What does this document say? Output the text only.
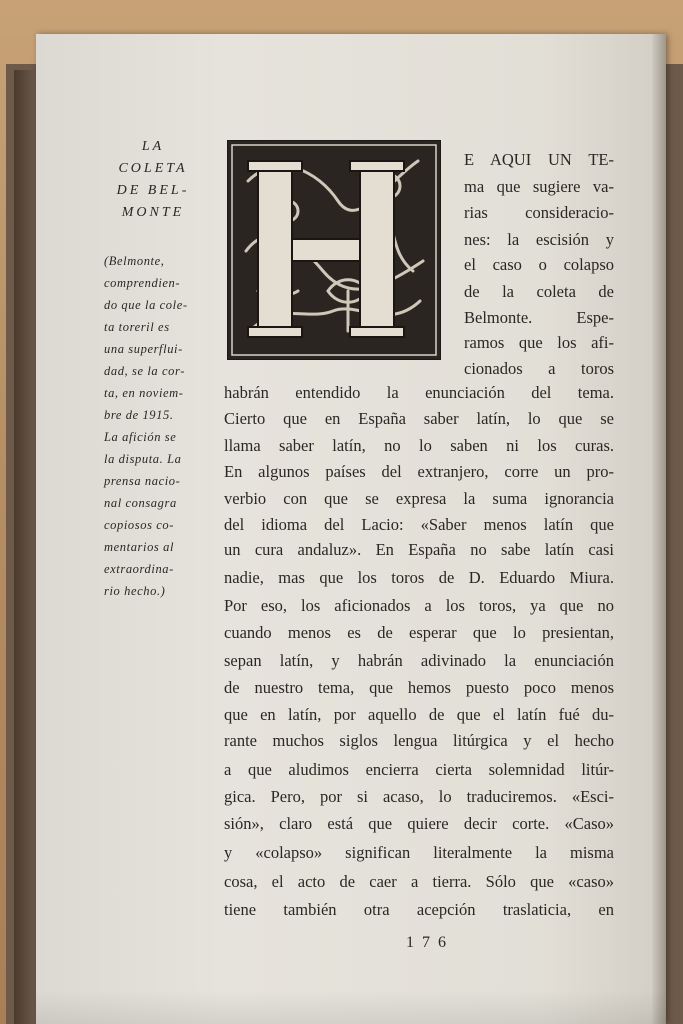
LA
COLETA
DE BEL-
MONTE
(Belmonte,
comprendien-
do que la cole-
ta toreril es
una superflui-
dad, se la cor-
ta, en noviem-
bre de 1915.
La afición se
la disputa. La
prensa nacio-
nal consagra
copiosos co-
mentarios al
extraordina-
rio hecho.)
E AQUI UN TE-
ma que sugiere va-
rias consideracio-
nes: la escisión y
el caso o colapso
de la coleta de
Belmonte. Espe-
ramos que los afi-
cionados a toros
habrán entendido la enunciación del tema.
Cierto que en España saber latín, lo que se
llama saber latín, no lo saben ni los curas.
En algunos países del extranjero, corre un pro-
verbio con que se expresa la suma ignorancia
del idioma del Lacio: «Saber menos latín que
un cura andaluz». En España no sabe latín casi
nadie, mas que los toros de D. Eduardo Miura.
Por eso, los aficionados a los toros, ya que no
cuando menos es de esperar que lo presientan,
sepan latín, y habrán adivinado la enunciación
de nuestro tema, que hemos puesto poco menos
que en latín, por aquello de que el latín fué du-
rante muchos siglos lengua litúrgica y el hecho
a que aludimos encierra cierta solemnidad litúr-
gica. Pero, por si acaso, lo traduciremos. «Esci-
sión», claro está que quiere decir corte. «Caso»
y «colapso» significan literalmente la misma
cosa, el acto de caer a tierra. Sólo que «caso»
tiene también otra acepción traslaticia, en
176
